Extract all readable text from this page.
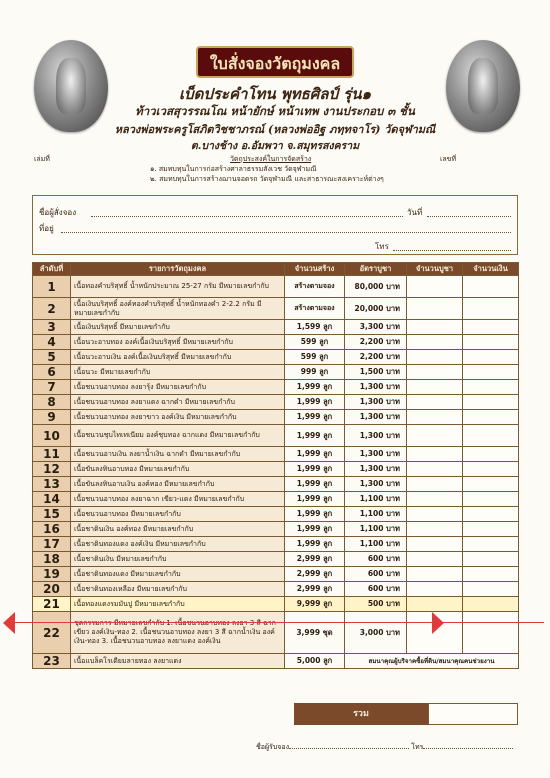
ใบสั่งจองวัตถุมงคล
เบ็ดประคำโทน พุทธศิลป์ รุ่น๑
ท้าวเวสสุวรรณโณ หน้ายักษ์ หน้าเทพ งานประกอบ ๓ ชั้น
หลวงพ่อพระครูโสภิตวิชชาภรณ์ (หลวงพ่ออิฐ ภทฺทจาโร) วัดจุฬามณี
ต.บางช้าง อ.อัมพวา จ.สมุทรสงคราม
เล่มที่	เลขที่
วัตถุประสงค์ในการจัดสร้าง
๑. สมทบทุนในการก่อสร้างศาลาธรรมสังเวช วัดจุฬามณี
๒. สมทบทุนในการสร้างฌานจอดรถ วัดจุฬามณี และสาธารณะสงเคราะห์ต่างๆ
ชื่อผู้สั่งจอง	วันที่
ที่อยู่
โทร
ลำดับที่	รายการวัตถุมงคล	จำนวนสร้าง	อัตราบูชา	จำนวนบูชา	จำนวนเงิน
1	เนื้อทองคำบริสุทธิ์ น้ำหนักประมาณ 25-27 กรัม มีหมายเลขกำกับ	สร้างตามจอง	80,000 บาท		
2	เนื้อเงินบริสุทธิ์ องค์ทองคำบริสุทธิ์ น้ำหนักทองคำ 2-2.2 กรัม มีหมายเลขกำกับ	สร้างตามจอง	20,000 บาท		
3	เนื้อเงินบริสุทธิ์ มีหมายเลขกำกับ	1,599 ลูก	3,300 บาท		
4	เนื้อนวะอาบทอง องค์เนื้อเงินบริสุทธิ์ มีหมายเลขกำกับ	599 ลูก	2,200 บาท		
5	เนื้อนวะอาบเงิน องค์เนื้อเงินบริสุทธิ์ มีหมายเลขกำกับ	599 ลูก	2,200 บาท		
6	เนื้อนวะ มีหมายเลขกำกับ	999 ลูก	1,500 บาท		
7	เนื้อชนวนอาบทอง ลงยารุ้ง มีหมายเลขกำกับ	1,999 ลูก	1,300 บาท		
8	เนื้อชนวนอาบทอง ลงยาแดง ฉากดำ มีหมายเลขกำกับ	1,999 ลูก	1,300 บาท		
9	เนื้อชนวนอาบทอง ลงยาขาว องค์เงิน มีหมายเลขกำกับ	1,999 ลูก	1,300 บาท		
10	เนื้อชนวนชุบไทเทเนียม องค์ชุบทอง ฉากแดง มีหมายเลขกำกับ	1,999 ลูก	1,300 บาท		
11	เนื้อชนวนอาบเงิน ลงยาน้ำเงิน ฉากดำ มีหมายเลขกำกับ	1,999 ลูก	1,300 บาท		
12	เนื้อขันลงหินอาบทอง มีหมายเลขกำกับ	1,999 ลูก	1,300 บาท		
13	เนื้อขันลงหินอาบเงิน องค์ทอง มีหมายเลขกำกับ	1,999 ลูก	1,300 บาท		
14	เนื้อชนวนอาบทอง ลงยาฉาก เขียว-แดง มีหมายเลขกำกับ	1,999 ลูก	1,100 บาท		
15	เนื้อชนวนอาบทอง มีหมายเลขกำกับ	1,999 ลูก	1,100 บาท		
16	เนื้อชาดินเงิน องค์ทอง มีหมายเลขกำกับ	1,999 ลูก	1,100 บาท		
17	เนื้อชาดินทองแดง องค์เงิน มีหมายเลขกำกับ	1,999 ลูก	1,100 บาท		
18	เนื้อชาดินเงิน มีหมายเลขกำกับ	2,999 ลูก	600 บาท		
19	เนื้อชาดินทองแดง มีหมายเลขกำกับ	2,999 ลูก	600 บาท		
20	เนื้อชาดินทองเหลือง มีหมายเลขกำกับ	2,999 ลูก	600 บาท		
21	เนื้อทองแดงรมมันปู มีหมายเลขกำกับ	9,999 ลูก	500 บาท		
22	ชุดกรรมการ มีหมายเลขกำกับ 1. เนื้อชนวนอาบทอง ลงยา 3 สี ฉากเขียว องค์เงิน-ทอง 2. เนื้อชนวนอาบทอง ลงยา 3 สี ฉากน้ำเงิน องค์เงิน-ทอง 3. เนื้อชนวนอาบทอง ลงยาแดง องค์เงิน	3,999 ชุด	3,000 บาท		
23	เนื้อแบล็คโรเดียมลายทอง ลงยาแดง	5,000 ลูก	สมนาคุณผู้บริจาคซื้อที่ดิน/สมนาคุณคนช่วยงาน		
รวม
ชื่อผู้รับจอง	โทร
